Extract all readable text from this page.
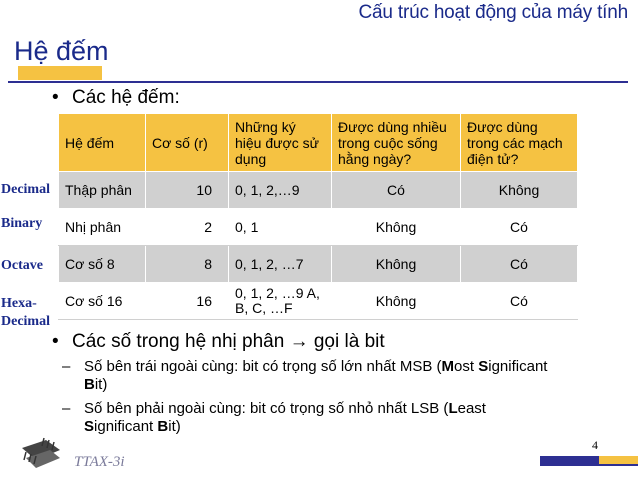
Cấu trúc hoạt động của máy tính
Hệ đếm
• Các hệ đếm:
Hệ đếm	Cơ số (r)	Những ký hiệu được sử dụng	Được dùng nhiều trong cuộc sống hằng ngày?	Được dùng trong các mạch điện tử?
Thập phân	10	0, 1, 2,…9	Có	Không
Nhị phân	2	0, 1	Không	Có
Cơ số 8	8	0, 1, 2, …7	Không	Có
Cơ số 16	16	0, 1, 2, …9 A, B, C, …F	Không	Có
Decimal
Binary
Octave
Hexa-
Decimal
• Các số trong hệ nhị phân → gọi là bit
– Số bên trái ngoài cùng: bit có trọng số lớn nhất MSB (Most Significant Bit)
– Số bên phải ngoài cùng: bit có trọng số nhỏ nhất LSB (Least Significant Bit)
4
TTAX-3i
